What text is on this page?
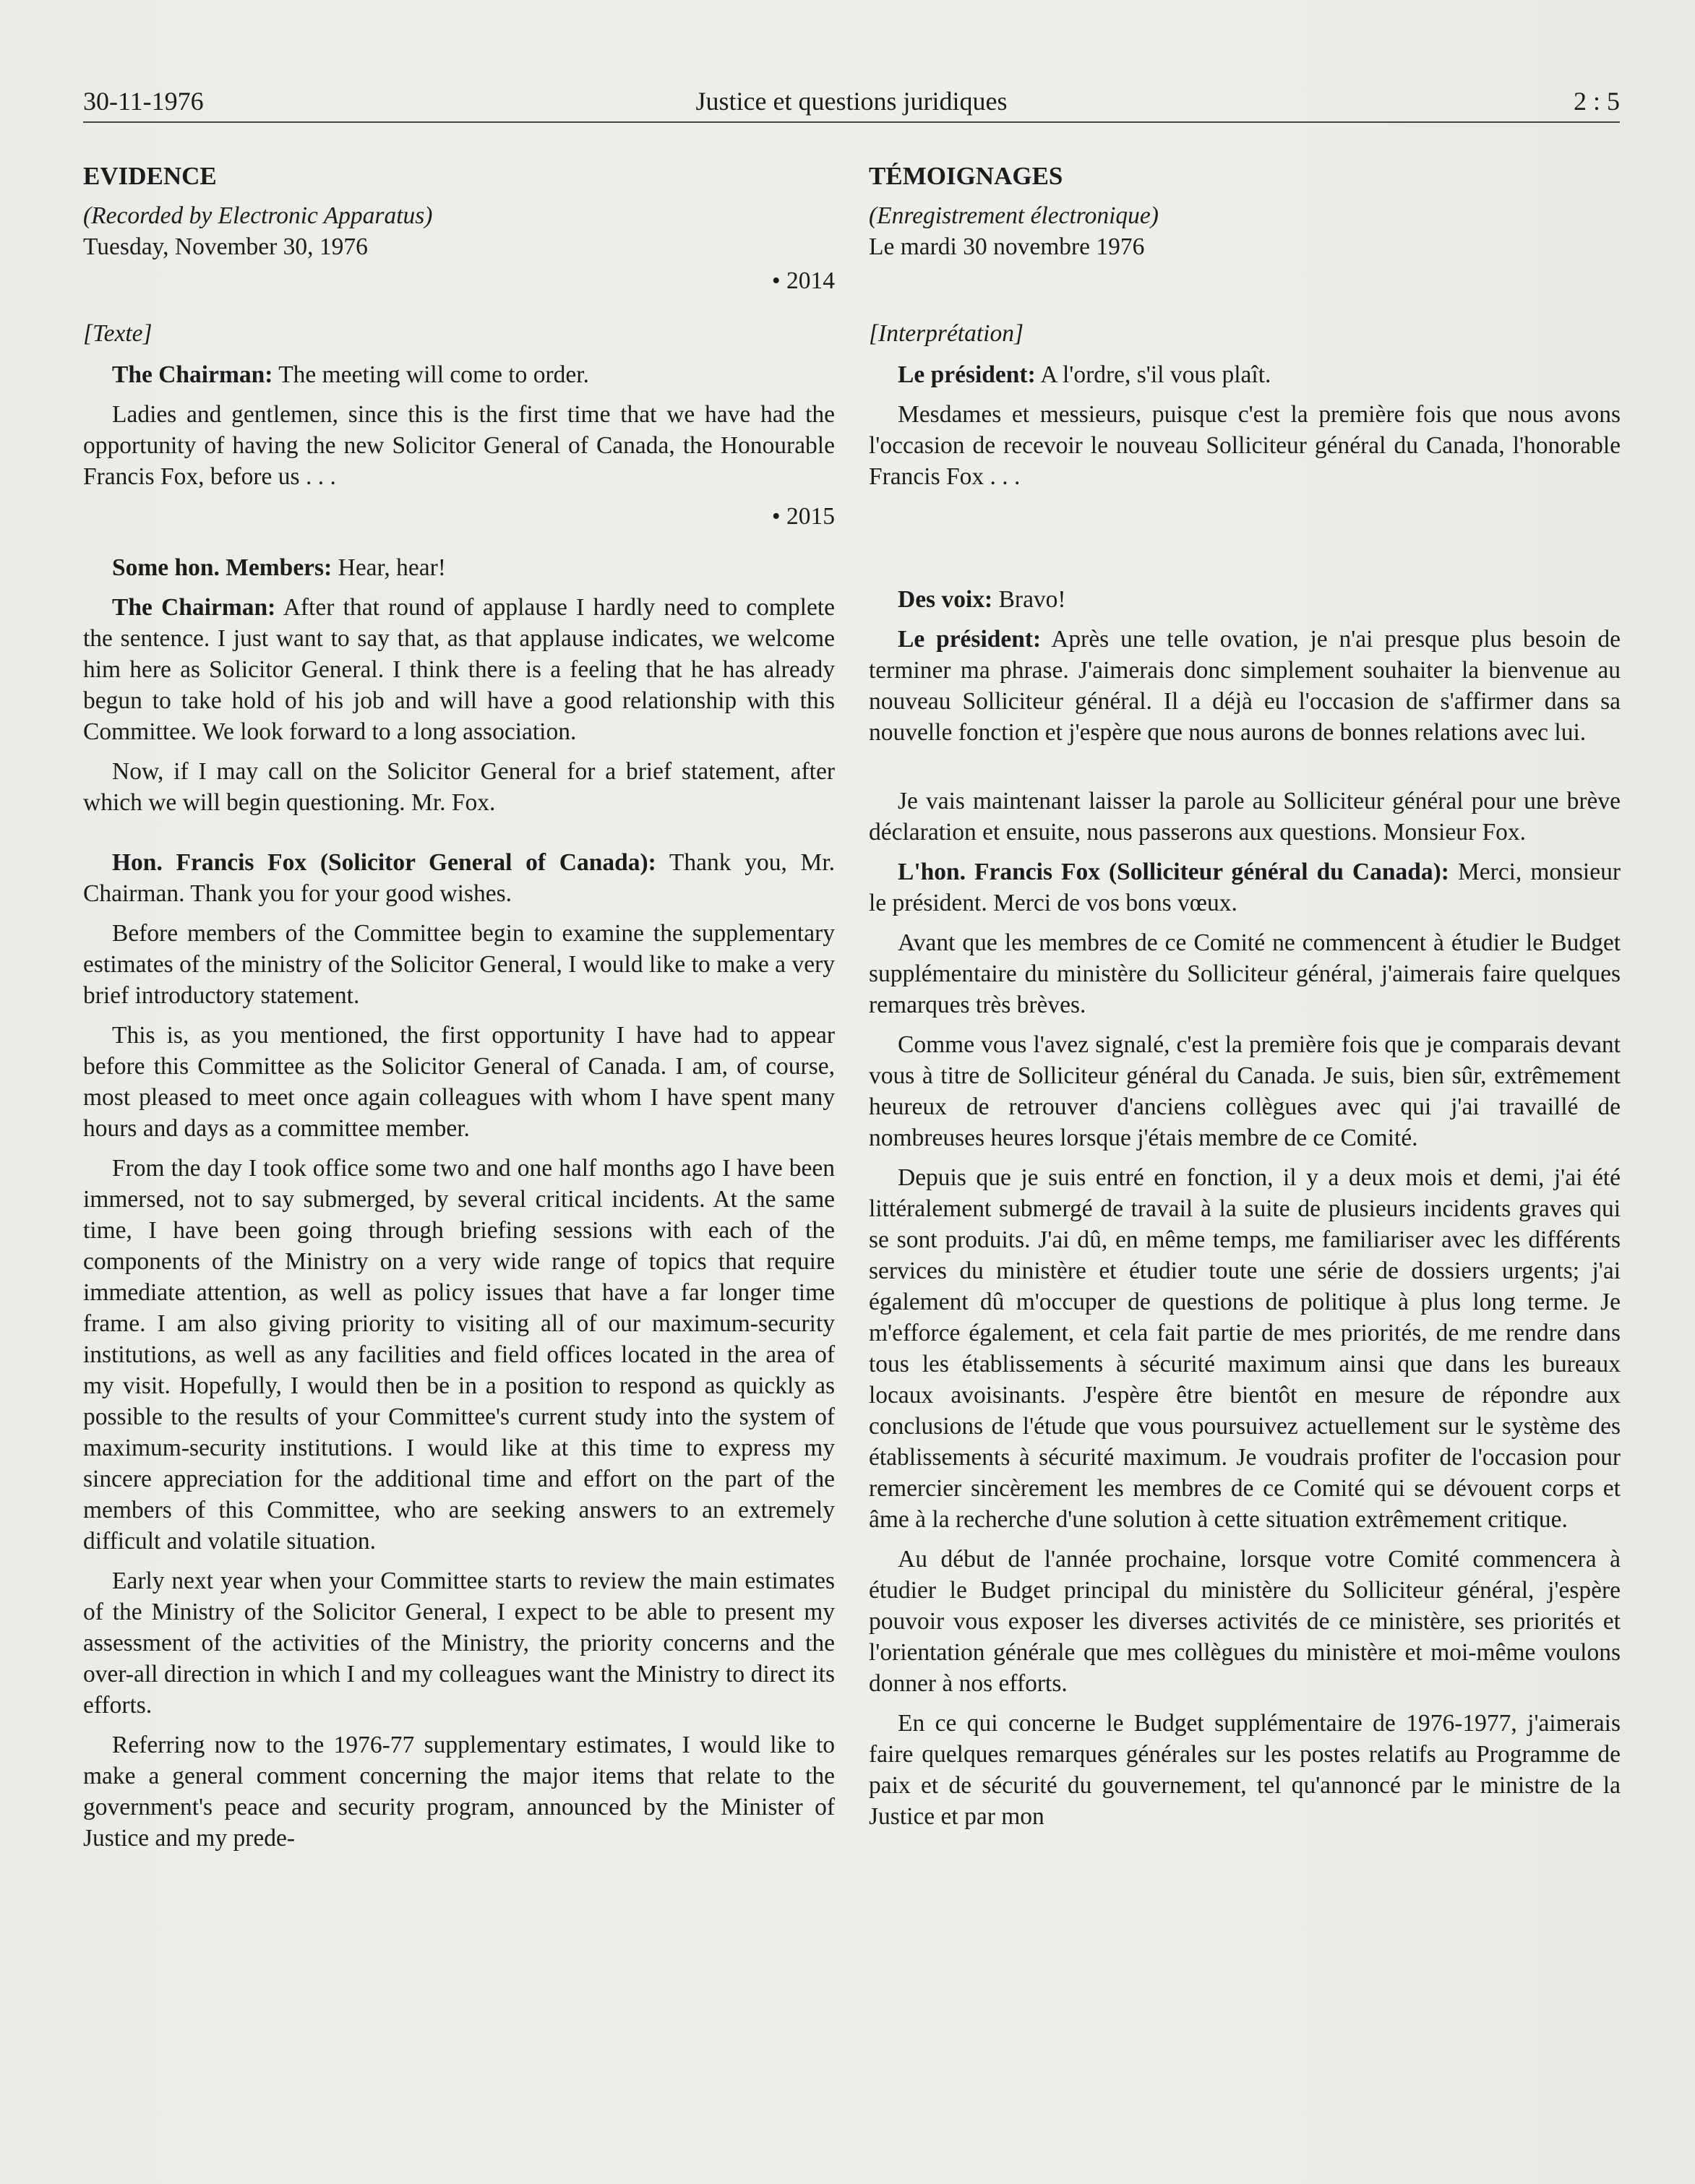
30-11-1976	Justice et questions juridiques	2 : 5

EVIDENCE

(Recorded by Electronic Apparatus)

Tuesday, November 30, 1976

• 2014

[Texte]

The Chairman: The meeting will come to order.

Ladies and gentlemen, since this is the first time that we have had the opportunity of having the new Solicitor General of Canada, the Honourable Francis Fox, before us . . .

• 2015

Some hon. Members: Hear, hear!

The Chairman: After that round of applause I hardly need to complete the sentence. I just want to say that, as that applause indicates, we welcome him here as Solicitor General. I think there is a feeling that he has already begun to take hold of his job and will have a good relationship with this Committee. We look forward to a long association.

Now, if I may call on the Solicitor General for a brief statement, after which we will begin questioning. Mr. Fox.

Hon. Francis Fox (Solicitor General of Canada): Thank you, Mr. Chairman. Thank you for your good wishes.

Before members of the Committee begin to examine the supplementary estimates of the ministry of the Solicitor General, I would like to make a very brief introductory statement.

This is, as you mentioned, the first opportunity I have had to appear before this Committee as the Solicitor General of Canada. I am, of course, most pleased to meet once again colleagues with whom I have spent many hours and days as a committee member.

From the day I took office some two and one half months ago I have been immersed, not to say submerged, by several critical incidents. At the same time, I have been going through briefing sessions with each of the components of the Ministry on a very wide range of topics that require immediate attention, as well as policy issues that have a far longer time frame. I am also giving priority to visiting all of our maximum-security institutions, as well as any facilities and field offices located in the area of my visit. Hopefully, I would then be in a position to respond as quickly as possible to the results of your Committee's current study into the system of maximum-security institutions. I would like at this time to express my sincere appreciation for the additional time and effort on the part of the members of this Committee, who are seeking answers to an extremely difficult and volatile situation.

Early next year when your Committee starts to review the main estimates of the Ministry of the Solicitor General, I expect to be able to present my assessment of the activities of the Ministry, the priority concerns and the over-all direction in which I and my colleagues want the Ministry to direct its efforts.

Referring now to the 1976-77 supplementary estimates, I would like to make a general comment concerning the major items that relate to the government's peace and security program, announced by the Minister of Justice and my prede-

TÉMOIGNAGES

(Enregistrement électronique)

Le mardi 30 novembre 1976

[Interprétation]

Le président: A l'ordre, s'il vous plaît.

Mesdames et messieurs, puisque c'est la première fois que nous avons l'occasion de recevoir le nouveau Solliciteur général du Canada, l'honorable Francis Fox . . .

Des voix: Bravo!

Le président: Après une telle ovation, je n'ai presque plus besoin de terminer ma phrase. J'aimerais donc simplement souhaiter la bienvenue au nouveau Solliciteur général. Il a déjà eu l'occasion de s'affirmer dans sa nouvelle fonction et j'espère que nous aurons de bonnes relations avec lui.

Je vais maintenant laisser la parole au Solliciteur général pour une brève déclaration et ensuite, nous passerons aux questions. Monsieur Fox.

L'hon. Francis Fox (Solliciteur général du Canada): Merci, monsieur le président. Merci de vos bons vœux.

Avant que les membres de ce Comité ne commencent à étudier le Budget supplémentaire du ministère du Solliciteur général, j'aimerais faire quelques remarques très brèves.

Comme vous l'avez signalé, c'est la première fois que je comparais devant vous à titre de Solliciteur général du Canada. Je suis, bien sûr, extrêmement heureux de retrouver d'anciens collègues avec qui j'ai travaillé de nombreuses heures lorsque j'étais membre de ce Comité.

Depuis que je suis entré en fonction, il y a deux mois et demi, j'ai été littéralement submergé de travail à la suite de plusieurs incidents graves qui se sont produits. J'ai dû, en même temps, me familiariser avec les différents services du ministère et étudier toute une série de dossiers urgents; j'ai également dû m'occuper de questions de politique à plus long terme. Je m'efforce également, et cela fait partie de mes priorités, de me rendre dans tous les établissements à sécurité maximum ainsi que dans les bureaux locaux avoisinants. J'espère être bientôt en mesure de répondre aux conclusions de l'étude que vous poursuivez actuellement sur le système des établissements à sécurité maximum. Je voudrais profiter de l'occasion pour remercier sincèrement les membres de ce Comité qui se dévouent corps et âme à la recherche d'une solution à cette situation extrêmement critique.

Au début de l'année prochaine, lorsque votre Comité commencera à étudier le Budget principal du ministère du Solliciteur général, j'espère pouvoir vous exposer les diverses activités de ce ministère, ses priorités et l'orientation générale que mes collègues du ministère et moi-même voulons donner à nos efforts.

En ce qui concerne le Budget supplémentaire de 1976-1977, j'aimerais faire quelques remarques générales sur les postes relatifs au Programme de paix et de sécurité du gouvernement, tel qu'annoncé par le ministre de la Justice et par mon
